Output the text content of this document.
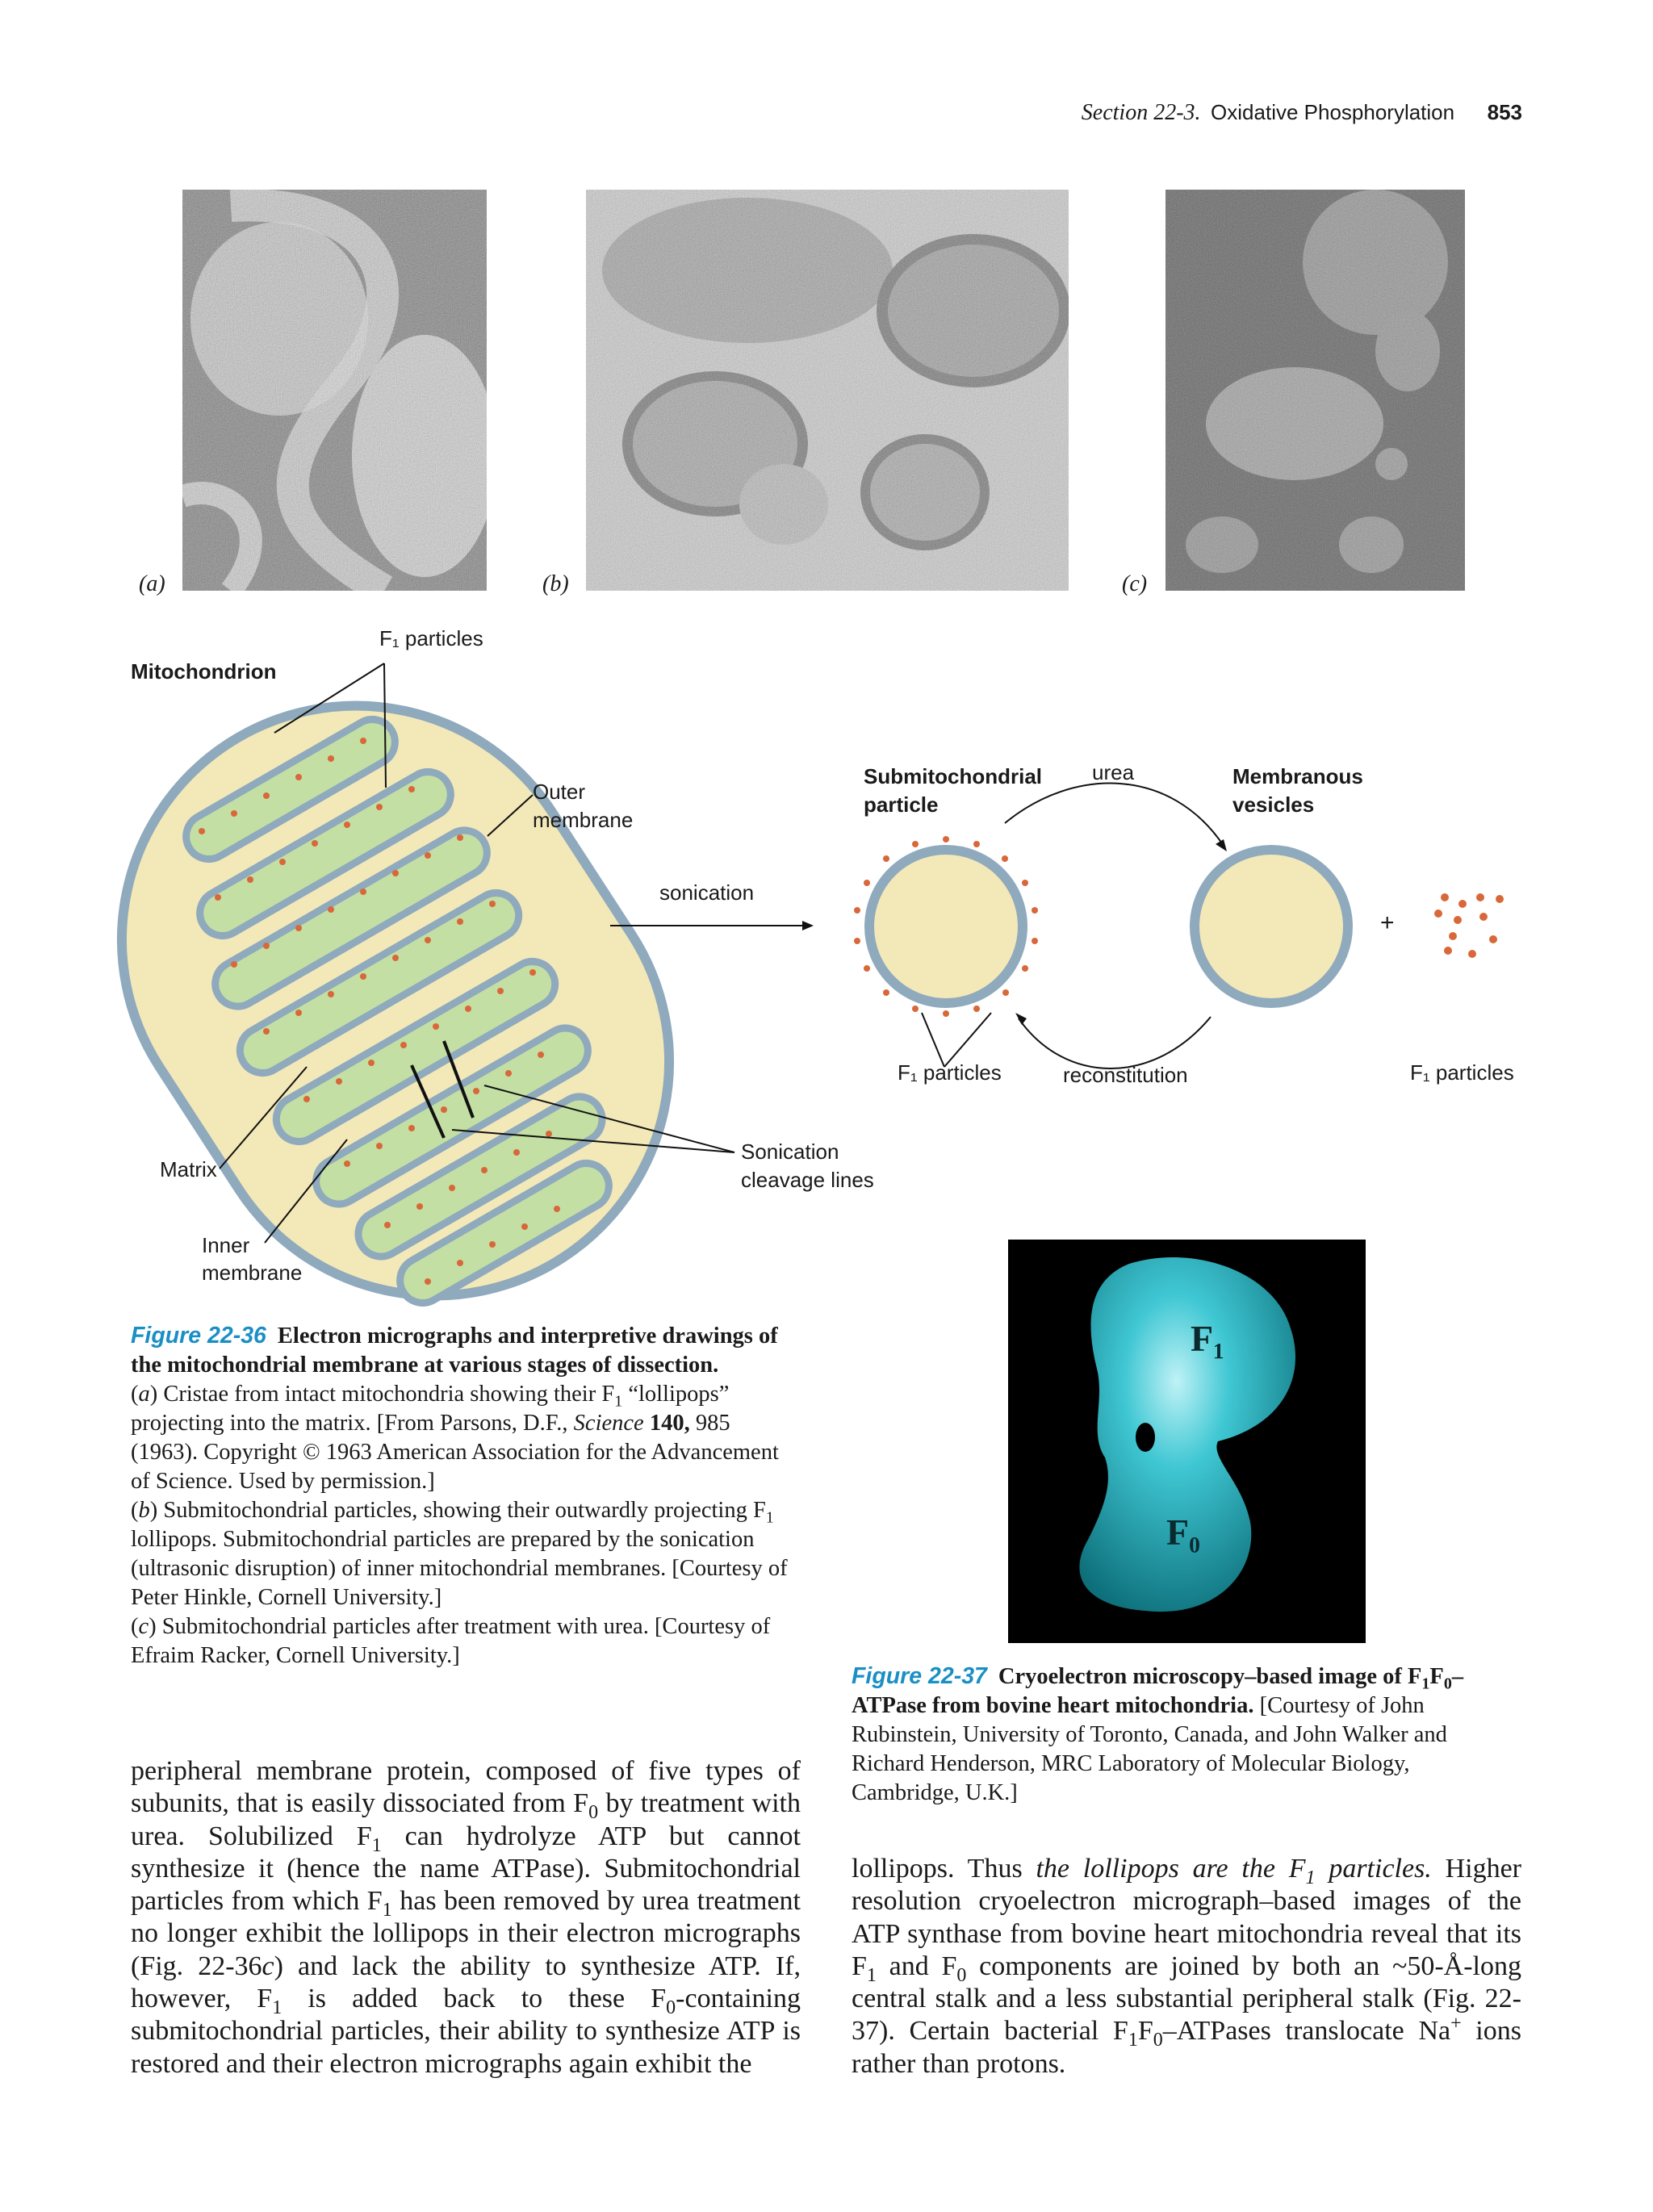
Section 22-3. Oxidative Phosphorylation 853
(a)	(b)	(c)
F₁ particles
Mitochondrion
Outer
membrane
sonication
Matrix
Inner
membrane
Sonication
cleavage lines
Submitochondrial
particle
urea	Membranous
vesicles
+
F₁ particles	reconstitution	F₁ particles
F₁
F₀
Figure 22-36 Electron micrographs and interpretive drawings of the mitochondrial membrane at various stages of dissection.
(a) Cristae from intact mitochondria showing their $F_1$ “lollipops” projecting into the matrix. [From Parsons, D.F., Science 140, 985 (1963). Copyright © 1963 American Association for the Advancement of Science. Used by permission.]
(b) Submitochondrial particles, showing their outwardly projecting $F_1$ lollipops. Submitochondrial particles are prepared by the sonication (ultrasonic disruption) of inner mitochondrial membranes. [Courtesy of Peter Hinkle, Cornell University.]
(c) Submitochondrial particles after treatment with urea. [Courtesy of Efraim Racker, Cornell University.]
Figure 22-37 Cryoelectron microscopy–based image of $F_1F_0$–ATPase from bovine heart mitochondria. [Courtesy of John Rubinstein, University of Toronto, Canada, and John Walker and Richard Henderson, MRC Laboratory of Molecular Biology, Cambridge, U.K.]

peripheral membrane protein, composed of five types of subunits, that is easily dissociated from $F_0$ by treatment with urea. Solubilized $F_1$ can hydrolyze ATP but cannot synthesize it (hence the name ATPase). Submitochondrial particles from which $F_1$ has been removed by urea treatment no longer exhibit the lollipops in their electron micrographs (Fig. 22-36c) and lack the ability to synthesize ATP. If, however, $F_1$ is added back to these $F_0$-containing submitochondrial particles, their ability to synthesize ATP is restored and their electron micrographs again exhibit the

lollipops. Thus the lollipops are the $F_1$ particles. Higher resolution cryoelectron micrograph–based images of the ATP synthase from bovine heart mitochondria reveal that its $F_1$ and $F_0$ components are joined by both an ~50-Å-long central stalk and a less substantial peripheral stalk (Fig. 22-37). Certain bacterial $F_1F_0$–ATPases translocate Na+ ions rather than protons.
